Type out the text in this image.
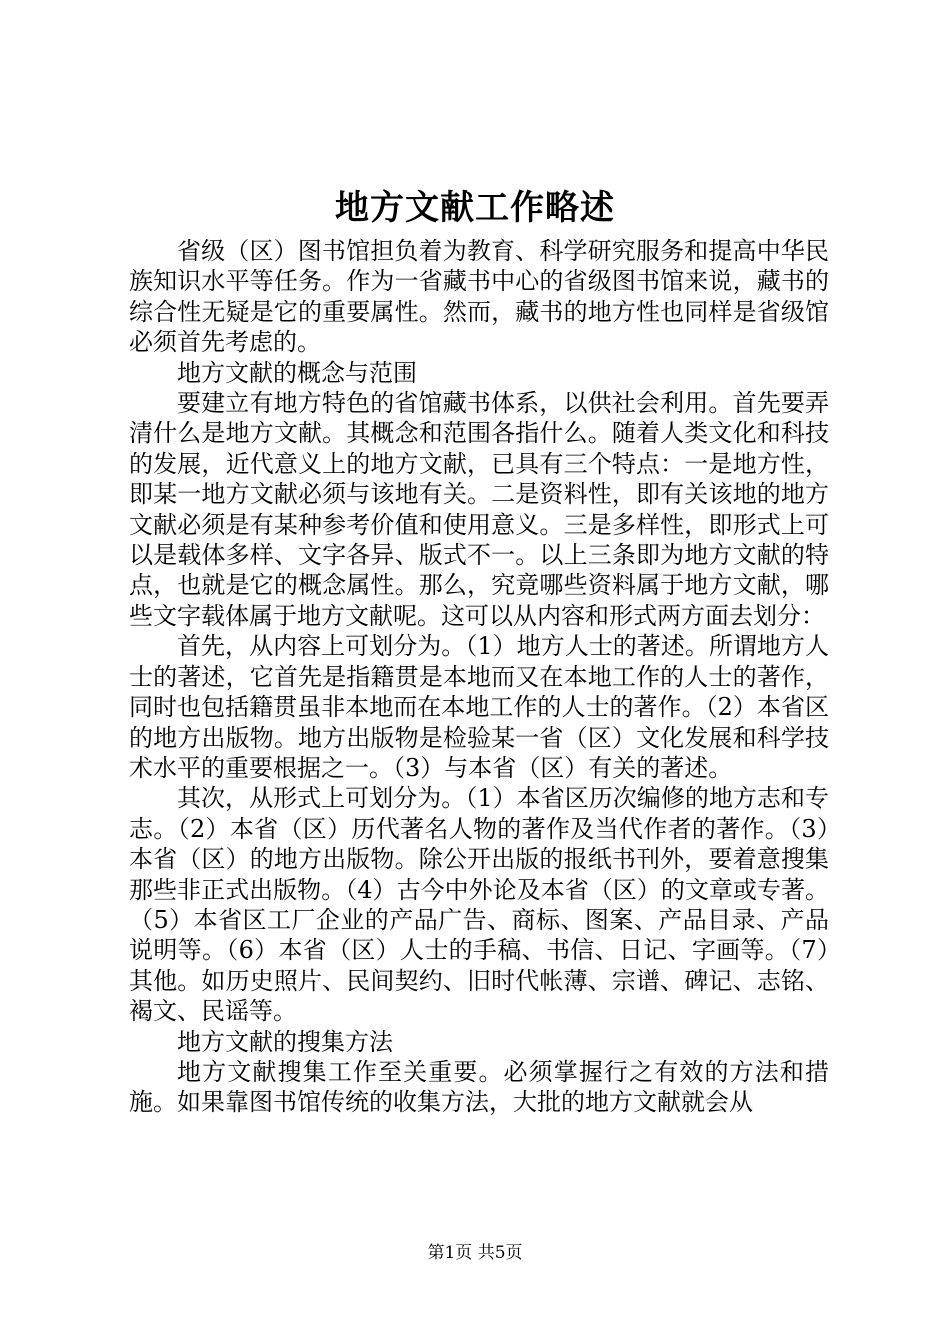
地方文献工作略述

省级（区）图书馆担负着为教育、科学研究服务和提高中华民族知识水平等任务。作为一省藏书中心的省级图书馆来说，藏书的综合性无疑是它的重要属性。然而，藏书的地方性也同样是省级馆必须首先考虑的。

地方文献的概念与范围

要建立有地方特色的省馆藏书体系，以供社会利用。首先要弄清什么是地方文献。其概念和范围各指什么。随着人类文化和科技的发展，近代意义上的地方文献，已具有三个特点：一是地方性，即某一地方文献必须与该地有关。二是资料性，即有关该地的地方文献必须是有某种参考价值和使用意义。三是多样性，即形式上可以是载体多样、文字各异、版式不一。以上三条即为地方文献的特点，也就是它的概念属性。那么，究竟哪些资料属于地方文献，哪些文字载体属于地方文献呢。这可以从内容和形式两方面去划分：

首先，从内容上可划分为。（1）地方人士的著述。所谓地方人士的著述，它首先是指籍贯是本地而又在本地工作的人士的著作，同时也包括籍贯虽非本地而在本地工作的人士的著作。（2）本省区的地方出版物。地方出版物是检验某一省（区）文化发展和科学技术水平的重要根据之一。（3）与本省（区）有关的著述。

其次，从形式上可划分为。（1）本省区历次编修的地方志和专志。（2）本省（区）历代著名人物的著作及当代作者的著作。（3）本省（区）的地方出版物。除公开出版的报纸书刊外，要着意搜集那些非正式出版物。（4）古今中外论及本省（区）的文章或专著。（5）本省区工厂企业的产品广告、商标、图案、产品目录、产品说明等。（6）本省（区）人士的手稿、书信、日记、字画等。（7）其他。如历史照片、民间契约、旧时代帐薄、宗谱、碑记、志铭、褐文、民谣等。

地方文献的搜集方法

地方文献搜集工作至关重要。必须掌握行之有效的方法和措施。如果靠图书馆传统的收集方法，大批的地方文献就会从

第1页 共5页
